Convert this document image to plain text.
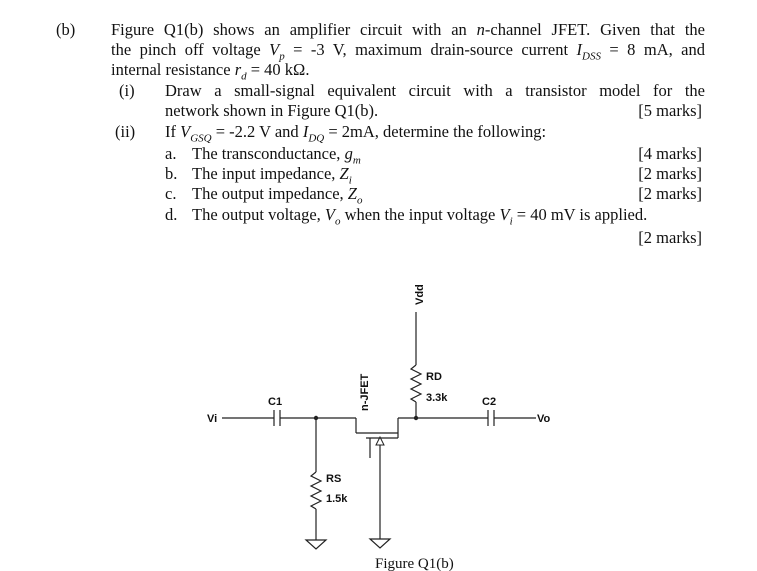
(b) Figure Q1(b) shows an amplifier circuit with an n-channel JFET. Given that the
the pinch off voltage $V_p = -3$ V, maximum drain-source current $I_{DSS} = 8$ mA, and
internal resistance $r_d = 40$ kΩ.
(i) Draw a small-signal equivalent circuit with a transistor model for the
network shown in Figure Q1(b).	[5 marks]
(ii) If $V_{GSQ} = -2.2$ V and $I_{DQ} = 2mA$, determine the following:
a. The transconductance, $g_m$	[4 marks]
b. The input impedance, $Z_i$	[2 marks]
c. The output impedance, $Z_o$	[2 marks]
d. The output voltage, $V_o$ when the input voltage $V_i = 40$ mV is applied.
[2 marks]
Vdd
RD
3.3k
Vi
C1
RS
1.5k
n-JFET	C2
Vo
Figure Q1(b)
